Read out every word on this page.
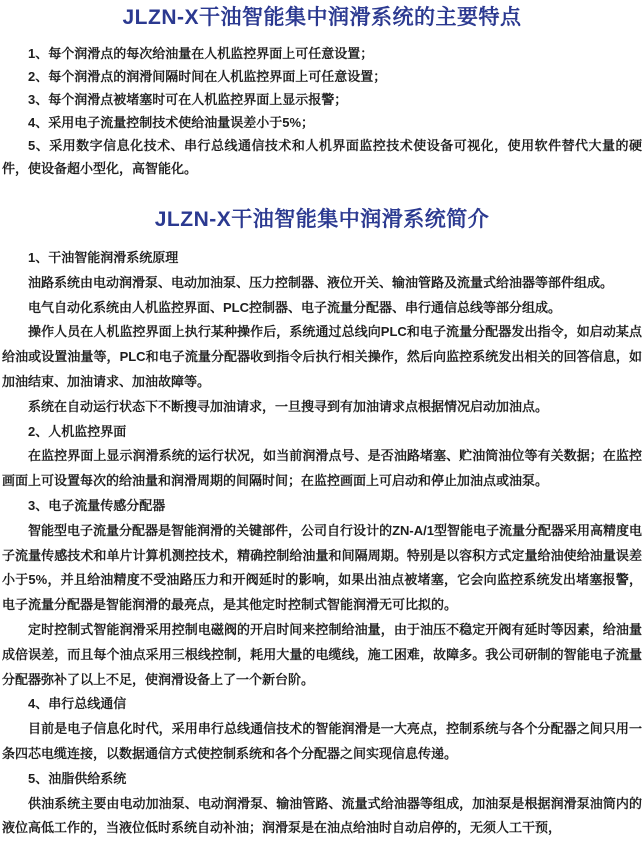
JLZN-X干油智能集中润滑系统的主要特点

1、每个润滑点的每次给油量在人机监控界面上可任意设置；

2、每个润滑点的润滑间隔时间在人机监控界面上可任意设置；

3、每个润滑点被堵塞时可在人机监控界面上显示报警；

4、采用电子流量控制技术使给油量误差小于5%；

5、采用数字信息化技术、串行总线通信技术和人机界面监控技术使设备可视化，使用软件替代大量的硬件，使设备超小型化，高智能化。

JLZN-X干油智能集中润滑系统简介

1、干油智能润滑系统原理

油路系统由电动润滑泵、电动加油泵、压力控制器、液位开关、输油管路及流量式给油器等部件组成。

电气自动化系统由人机监控界面、PLC控制器、电子流量分配器、串行通信总线等部分组成。

操作人员在人机监控界面上执行某种操作后，系统通过总线向PLC和电子流量分配器发出指令，如启动某点给油或设置油量等，PLC和电子流量分配器收到指令后执行相关操作，然后向监控系统发出相关的回答信息，如加油结束、加油请求、加油故障等。

系统在自动运行状态下不断搜寻加油请求，一旦搜寻到有加油请求点根据情况启动加油点。

2、人机监控界面

在监控界面上显示润滑系统的运行状况，如当前润滑点号、是否油路堵塞、贮油筒油位等有关数据；在监控画面上可设置每次的给油量和润滑周期的间隔时间；在监控画面上可启动和停止加油点或油泵。

3、电子流量传感分配器

智能型电子流量分配器是智能润滑的关键部件，公司自行设计的ZN-A/1型智能电子流量分配器采用高精度电子流量传感技术和单片计算机测控技术，精确控制给油量和间隔周期。特别是以容积方式定量给油使给油量误差小于5%，并且给油精度不受油路压力和开阀延时的影响，如果出油点被堵塞，它会向监控系统发出堵塞报警，电子流量分配器是智能润滑的最亮点，是其他定时控制式智能润滑无可比拟的。

定时控制式智能润滑采用控制电磁阀的开启时间来控制给油量，由于油压不稳定开阀有延时等因素，给油量成倍误差，而且每个油点采用三根线控制，耗用大量的电缆线，施工困难，故障多。我公司研制的智能电子流量分配器弥补了以上不足，使润滑设备上了一个新台阶。

4、串行总线通信

目前是电子信息化时代，采用串行总线通信技术的智能润滑是一大亮点，控制系统与各个分配器之间只用一条四芯电缆连接，以数据通信方式使控制系统和各个分配器之间实现信息传递。

5、油脂供给系统

供油系统主要由电动加油泵、电动润滑泵、输油管路、流量式给油器等组成，加油泵是根据润滑泵油筒内的液位高低工作的，当液位低时系统自动补油；润滑泵是在油点给油时自动启停的，无须人工干预，
